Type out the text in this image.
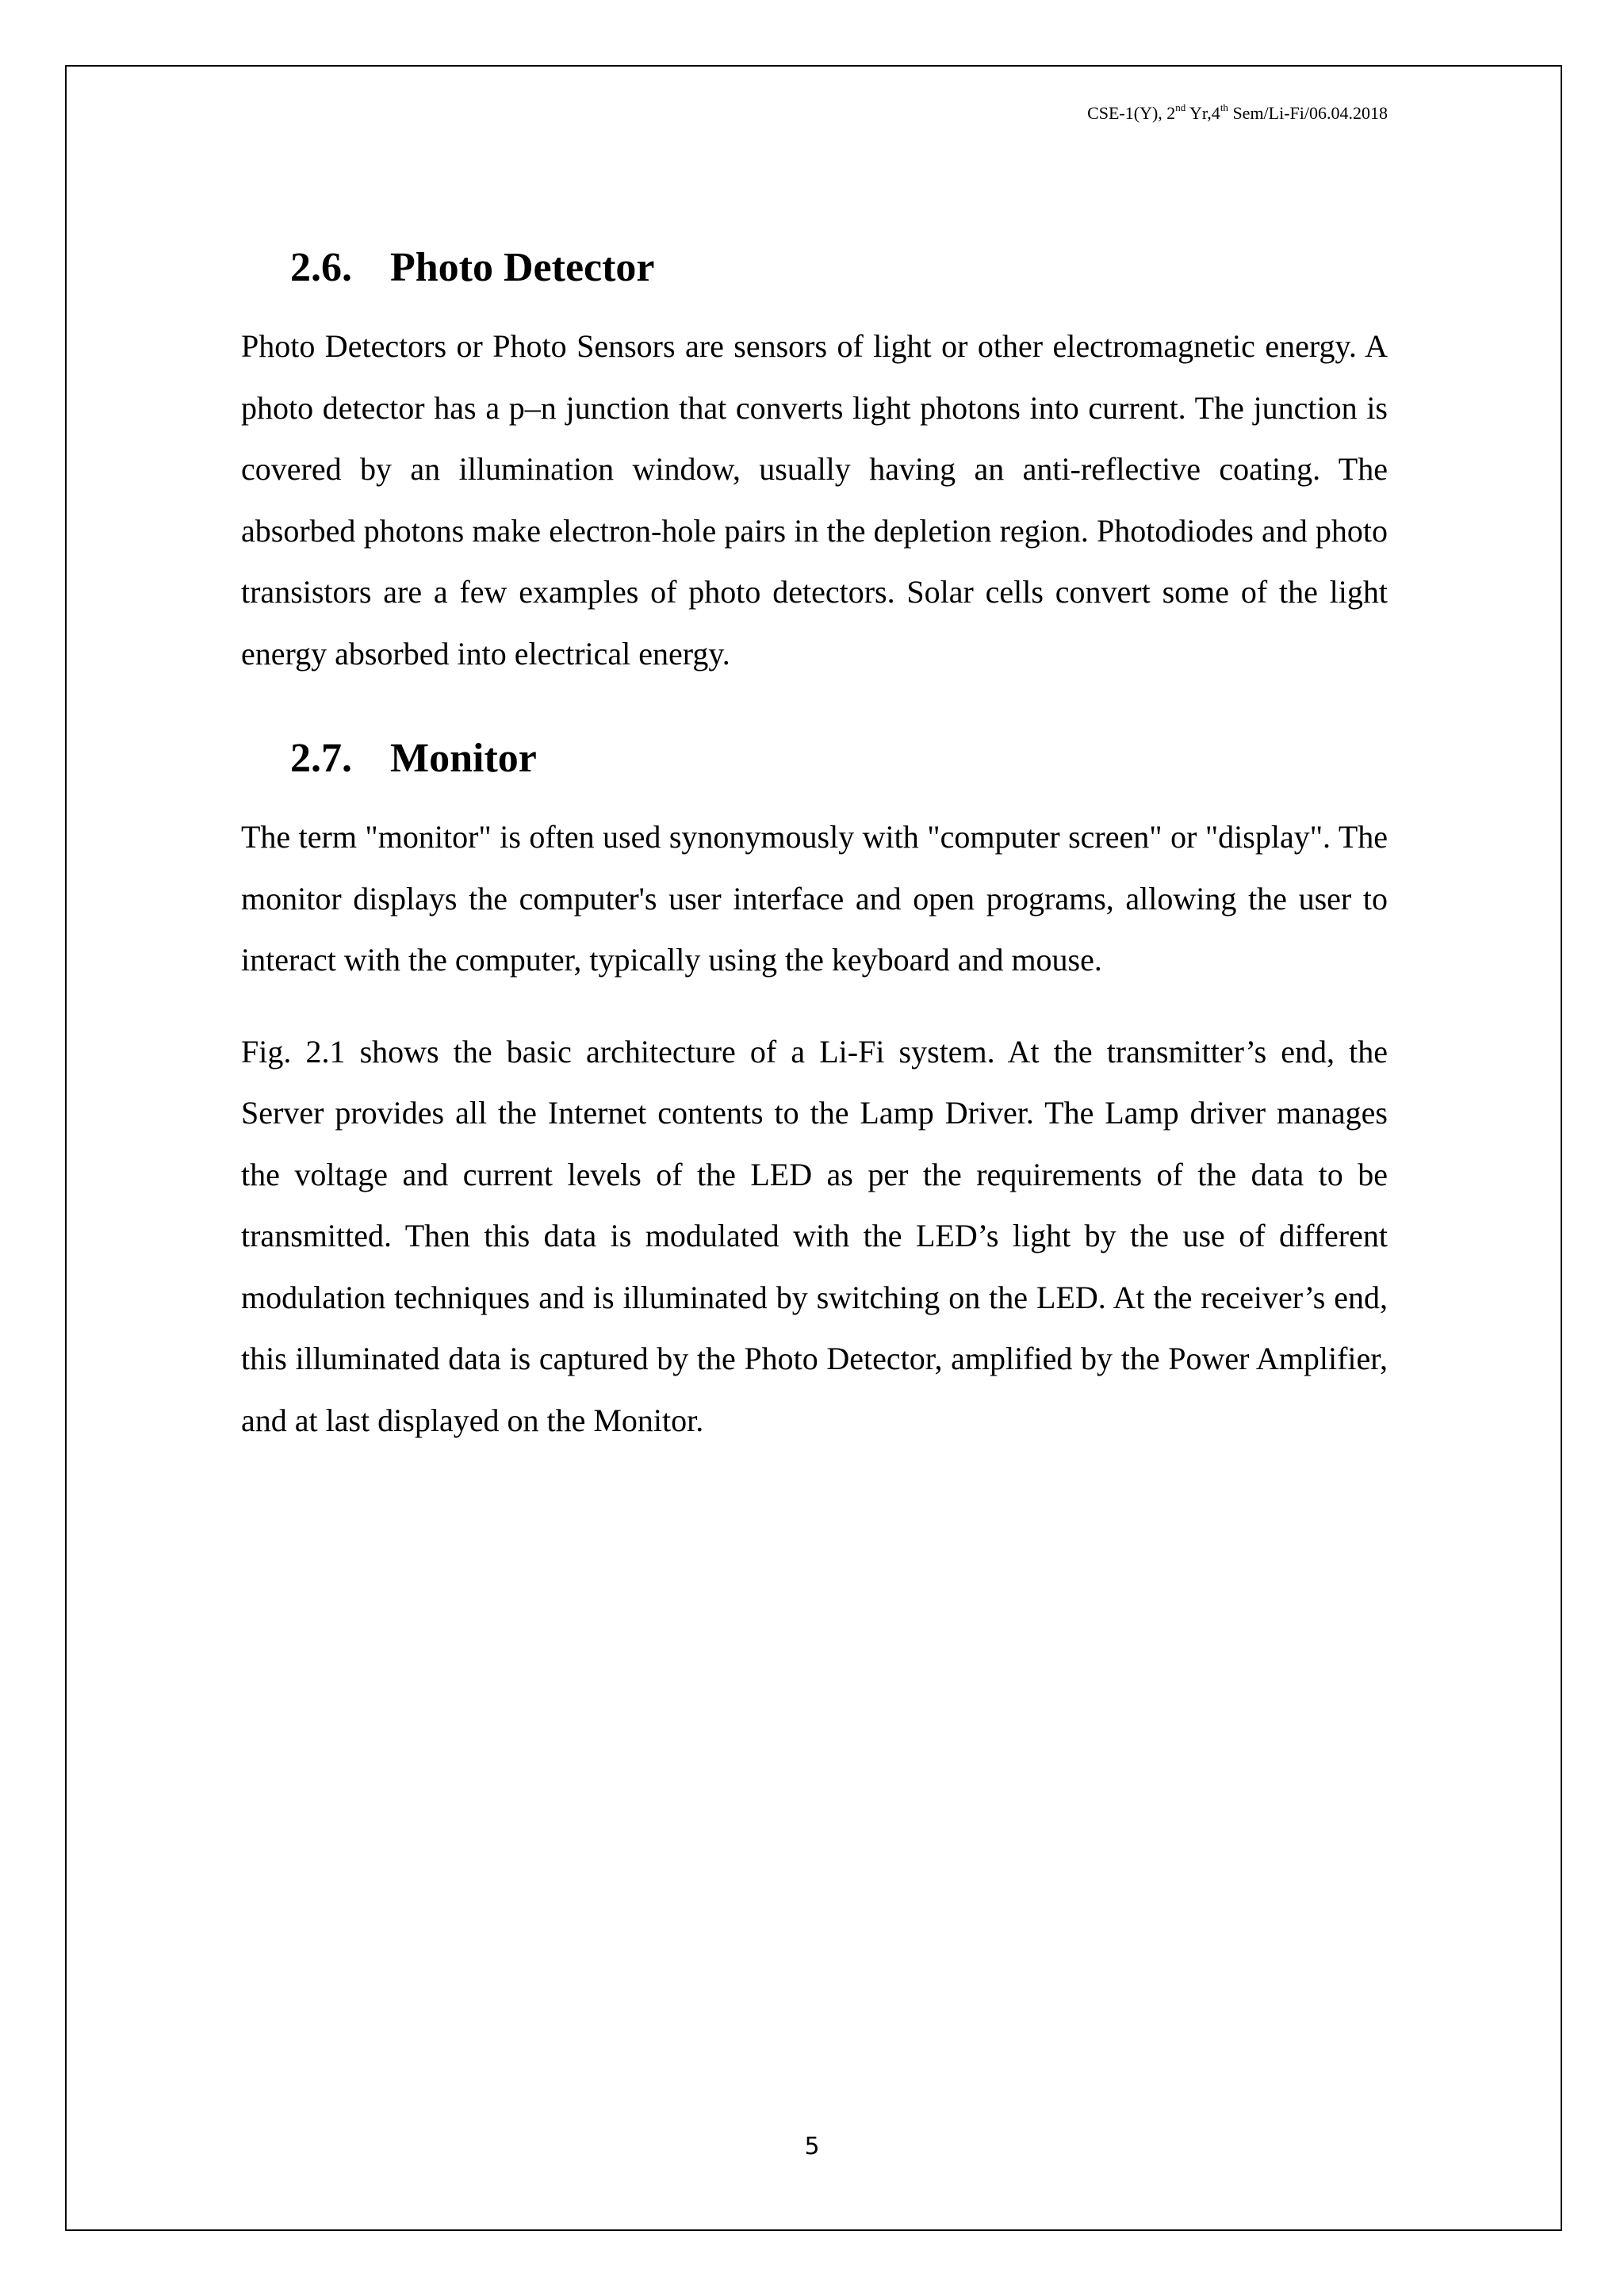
CSE-1(Y), 2nd Yr,4th Sem/Li-Fi/06.04.2018
2.6. Photo Detector

Photo Detectors or Photo Sensors are sensors of light or other electromagnetic energy. A photo detector has a p–n junction that converts light photons into current. The junction is covered by an illumination window, usually having an anti-reflective coating. The absorbed photons make electron-hole pairs in the depletion region. Photodiodes and photo transistors are a few examples of photo detectors. Solar cells convert some of the light energy absorbed into electrical energy.

2.7. Monitor

The term "monitor" is often used synonymously with "computer screen" or "display". The monitor displays the computer's user interface and open programs, allowing the user to interact with the computer, typically using the keyboard and mouse.

Fig. 2.1 shows the basic architecture of a Li-Fi system. At the transmitter’s end, the Server provides all the Internet contents to the Lamp Driver. The Lamp driver manages the voltage and current levels of the LED as per the requirements of the data to be transmitted. Then this data is modulated with the LED’s light by the use of different modulation techniques and is illuminated by switching on the LED. At the receiver’s end, this illuminated data is captured by the Photo Detector, amplified by the Power Amplifier, and at last displayed on the Monitor.

5
